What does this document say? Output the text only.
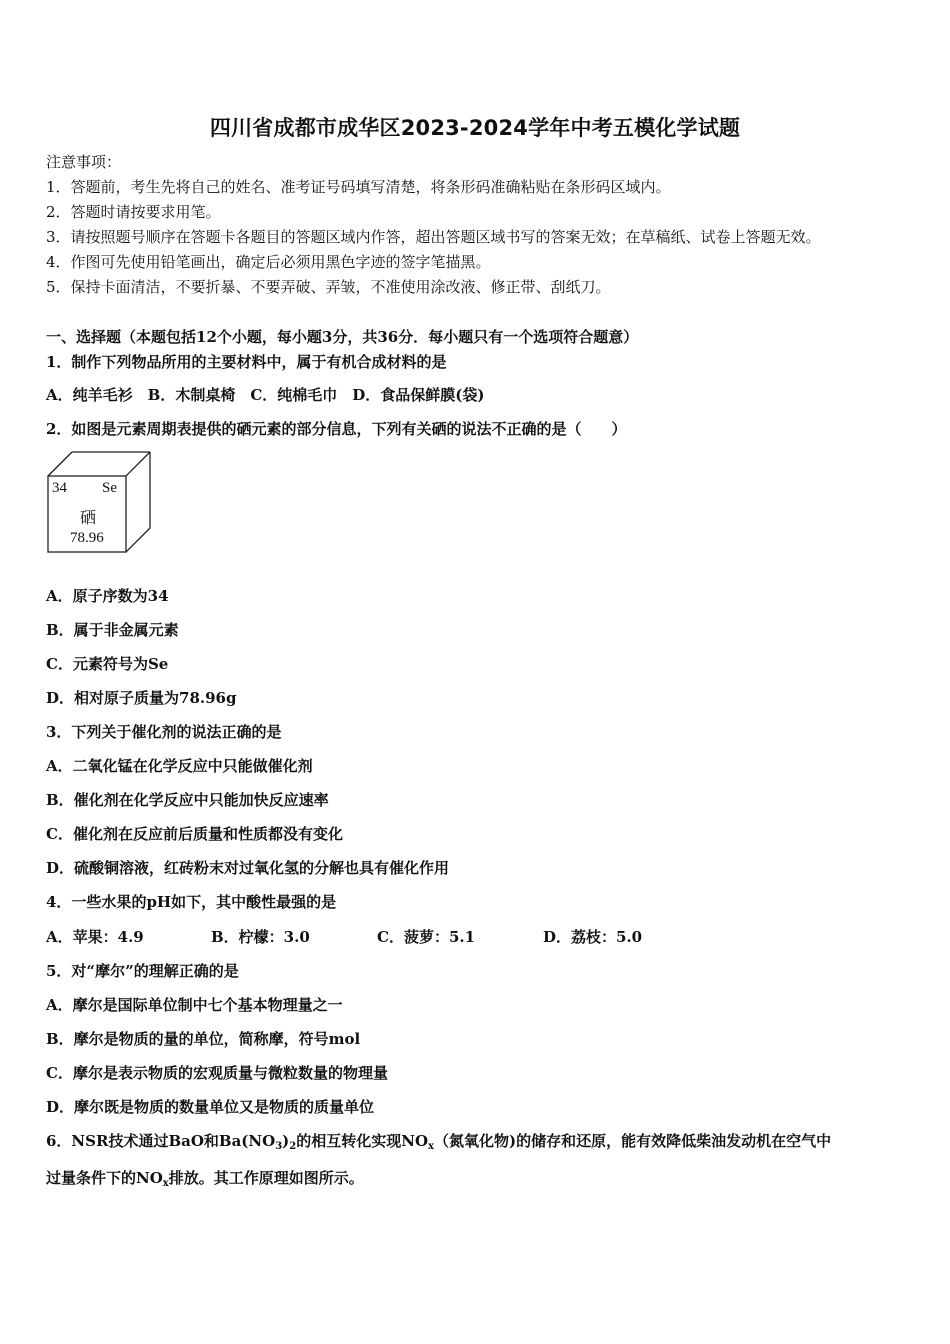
四川省成都市成华区2023-2024学年中考五模化学试题
注意事项：
1．答题前，考生先将自己的姓名、准考证号码填写清楚，将条形码准确粘贴在条形码区域内。
2．答题时请按要求用笔。
3．请按照题号顺序在答题卡各题目的答题区域内作答，超出答题区域书写的答案无效；在草稿纸、试卷上答题无效。
4．作图可先使用铅笔画出，确定后必须用黑色字迹的签字笔描黑。
5．保持卡面清洁，不要折暴、不要弄破、弄皱，不准使用涂改液、修正带、刮纸刀。
一、选择题（本题包括12个小题，每小题3分，共36分．每小题只有一个选项符合题意）
1．制作下列物品所用的主要材料中，属于有机合成材料的是
A．纯羊毛衫　B．木制桌椅　C．纯棉毛巾　D．食品保鲜膜(袋)
2．如图是元素周期表提供的硒元素的部分信息，下列有关硒的说法不正确的是（　　）
34 Se
硒
78.96
A．原子序数为34
B．属于非金属元素
C．元素符号为Se
D．相对原子质量为78.96g
3．下列关于催化剂的说法正确的是
A．二氧化锰在化学反应中只能做催化剂
B．催化剂在化学反应中只能加快反应速率
C．催化剂在反应前后质量和性质都没有变化
D．硫酸铜溶液，红砖粉末对过氧化氢的分解也具有催化作用
4．一些水果的pH如下，其中酸性最强的是
A．苹果：4.9	B．柠檬：3.0	C．菠萝：5.1	D．荔枝：5.0
5．对“摩尔”的理解正确的是
A．摩尔是国际单位制中七个基本物理量之一
B．摩尔是物质的量的单位，简称摩，符号mol
C．摩尔是表示物质的宏观质量与微粒数量的物理量
D．摩尔既是物质的数量单位又是物质的质量单位
6．NSR技术通过BaO和$Ba(NO_3)_2$的相互转化实现$NO_x$（氮氧化物)的储存和还原，能有效降低柴油发动机在空气中
过量条件下的$NO_x$排放。其工作原理如图所示。
